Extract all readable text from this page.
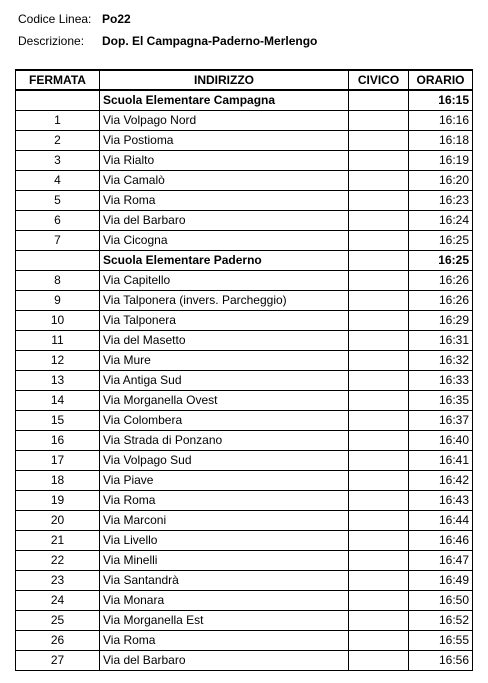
Codice Linea: Po22
Descrizione: Dop. El Campagna-Paderno-Merlengo
FERMATA	INDIRIZZO	CIVICO	ORARIO
	Scuola Elementare Campagna		16:15
1	Via Volpago Nord		16:16
2	Via Postioma		16:18
3	Via Rialto		16:19
4	Via Camalò		16:20
5	Via Roma		16:23
6	Via del Barbaro		16:24
7	Via Cicogna		16:25
	Scuola Elementare Paderno		16:25
8	Via Capitello		16:26
9	Via Talponera (invers. Parcheggio)		16:26
10	Via Talponera		16:29
11	Via del Masetto		16:31
12	Via Mure		16:32
13	Via Antiga Sud		16:33
14	Via Morganella Ovest		16:35
15	Via Colombera		16:37
16	Via Strada di Ponzano		16:40
17	Via Volpago Sud		16:41
18	Via Piave		16:42
19	Via Roma		16:43
20	Via Marconi		16:44
21	Via Livello		16:46
22	Via Minelli		16:47
23	Via Santandrà		16:49
24	Via Monara		16:50
25	Via Morganella Est		16:52
26	Via Roma		16:55
27	Via del Barbaro		16:56
